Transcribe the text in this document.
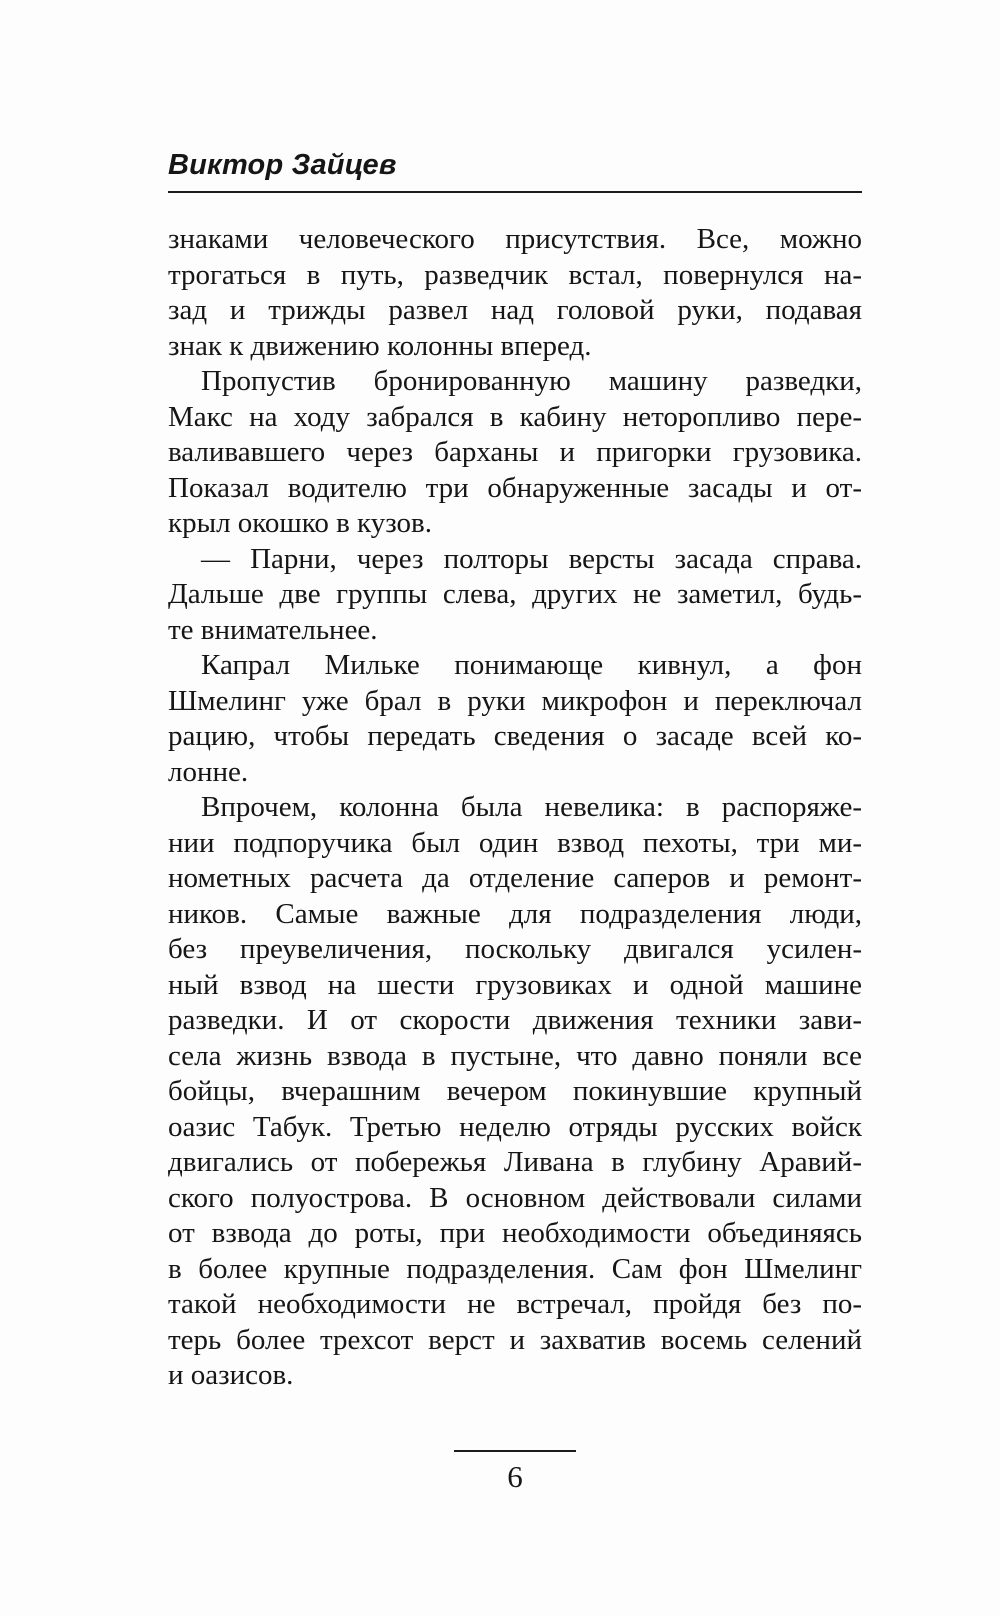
Виктор Зайцев
знаками человеческого присутствия. Все, можно
трогаться в путь, разведчик встал, повернулся на-
зад и трижды развел над головой руки, подавая
знак к движению колонны вперед.
Пропустив бронированную машину разведки,
Макс на ходу забрался в кабину неторопливо пере-
валивавшего через барханы и пригорки грузовика.
Показал водителю три обнаруженные засады и от-
крыл окошко в кузов.
— Парни, через полторы версты засада справа.
Дальше две группы слева, других не заметил, будь-
те внимательнее.
Капрал Мильке понимающе кивнул, а фон
Шмелинг уже брал в руки микрофон и переключал
рацию, чтобы передать сведения о засаде всей ко-
лонне.
Впрочем, колонна была невелика: в распоряже-
нии подпоручика был один взвод пехоты, три ми-
нометных расчета да отделение саперов и ремонт-
ников. Самые важные для подразделения люди,
без преувеличения, поскольку двигался усилен-
ный взвод на шести грузовиках и одной машине
разведки. И от скорости движения техники зави-
села жизнь взвода в пустыне, что давно поняли все
бойцы, вчерашним вечером покинувшие крупный
оазис Табук. Третью неделю отряды русских войск
двигались от побережья Ливана в глубину Аравий-
ского полуострова. В основном действовали силами
от взвода до роты, при необходимости объединяясь
в более крупные подразделения. Сам фон Шмелинг
такой необходимости не встречал, пройдя без по-
терь более трехсот верст и захватив восемь селений
и оазисов.
6
